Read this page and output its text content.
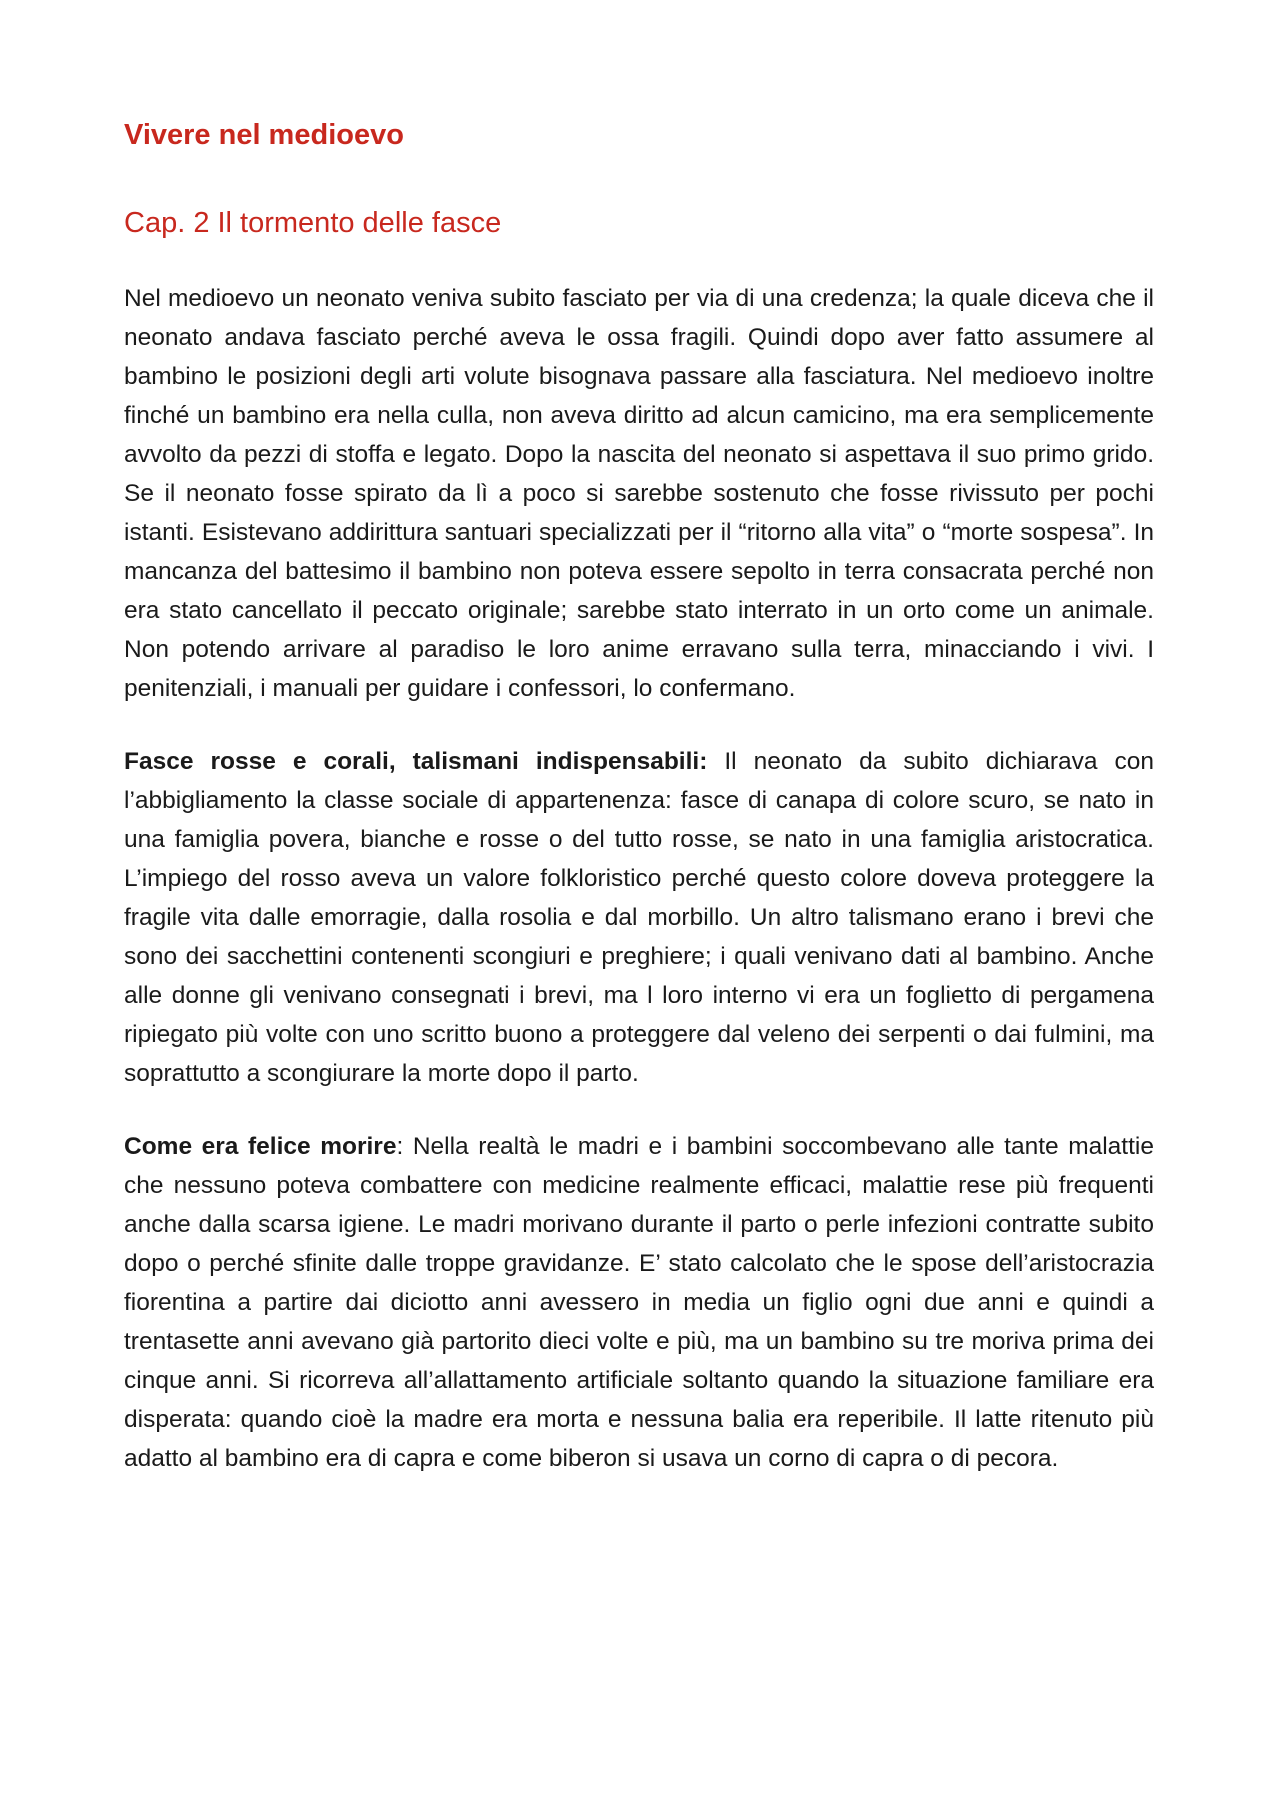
Vivere nel medioevo
Cap. 2 Il tormento delle fasce

Nel medioevo un neonato veniva subito fasciato per via di una credenza; la quale diceva che il neonato andava fasciato perché aveva le ossa fragili. Quindi dopo aver fatto assumere al bambino le posizioni degli arti volute bisognava passare alla fasciatura. Nel medioevo inoltre finché un bambino era nella culla, non aveva diritto ad alcun camicino, ma era semplicemente avvolto da pezzi di stoffa e legato. Dopo la nascita del neonato si aspettava il suo primo grido. Se il neonato fosse spirato da lì a poco si sarebbe sostenuto che fosse rivissuto per pochi istanti. Esistevano addirittura santuari specializzati per il “ritorno alla vita” o “morte sospesa”. In mancanza del battesimo il bambino non poteva essere sepolto in terra consacrata perché non era stato cancellato il peccato originale; sarebbe stato interrato in un orto come un animale. Non potendo arrivare al paradiso le loro anime erravano sulla terra, minacciando i vivi. I penitenziali, i manuali per guidare i confessori, lo confermano.

Fasce rosse e corali, talismani indispensabili: Il neonato da subito dichiarava con l’abbigliamento la classe sociale di appartenenza: fasce di canapa di colore scuro, se nato in una famiglia povera, bianche e rosse o del tutto rosse, se nato in una famiglia aristocratica. L’impiego del rosso aveva un valore folkloristico perché questo colore doveva proteggere la fragile vita dalle emorragie, dalla rosolia e dal morbillo. Un altro talismano erano i brevi che sono dei sacchettini contenenti scongiuri e preghiere; i quali venivano dati al bambino. Anche alle donne gli venivano consegnati i brevi, ma l loro interno vi era un foglietto di pergamena ripiegato più volte con uno scritto buono a proteggere dal veleno dei serpenti o dai fulmini, ma soprattutto a scongiurare la morte dopo il parto.

Come era felice morire: Nella realtà le madri e i bambini soccombevano alle tante malattie che nessuno poteva combattere con medicine realmente efficaci, malattie rese più frequenti anche dalla scarsa igiene. Le madri morivano durante il parto o perle infezioni contratte subito dopo o perché sfinite dalle troppe gravidanze. E’ stato calcolato che le spose dell’aristocrazia fiorentina a partire dai diciotto anni avessero in media un figlio ogni due anni e quindi a trentasette anni avevano già partorito dieci volte e più, ma un bambino su tre moriva prima dei cinque anni. Si ricorreva all’allattamento artificiale soltanto quando la situazione familiare era disperata: quando cioè la madre era morta e nessuna balia era reperibile. Il latte ritenuto più adatto al bambino era di capra e come biberon si usava un corno di capra o di pecora.
